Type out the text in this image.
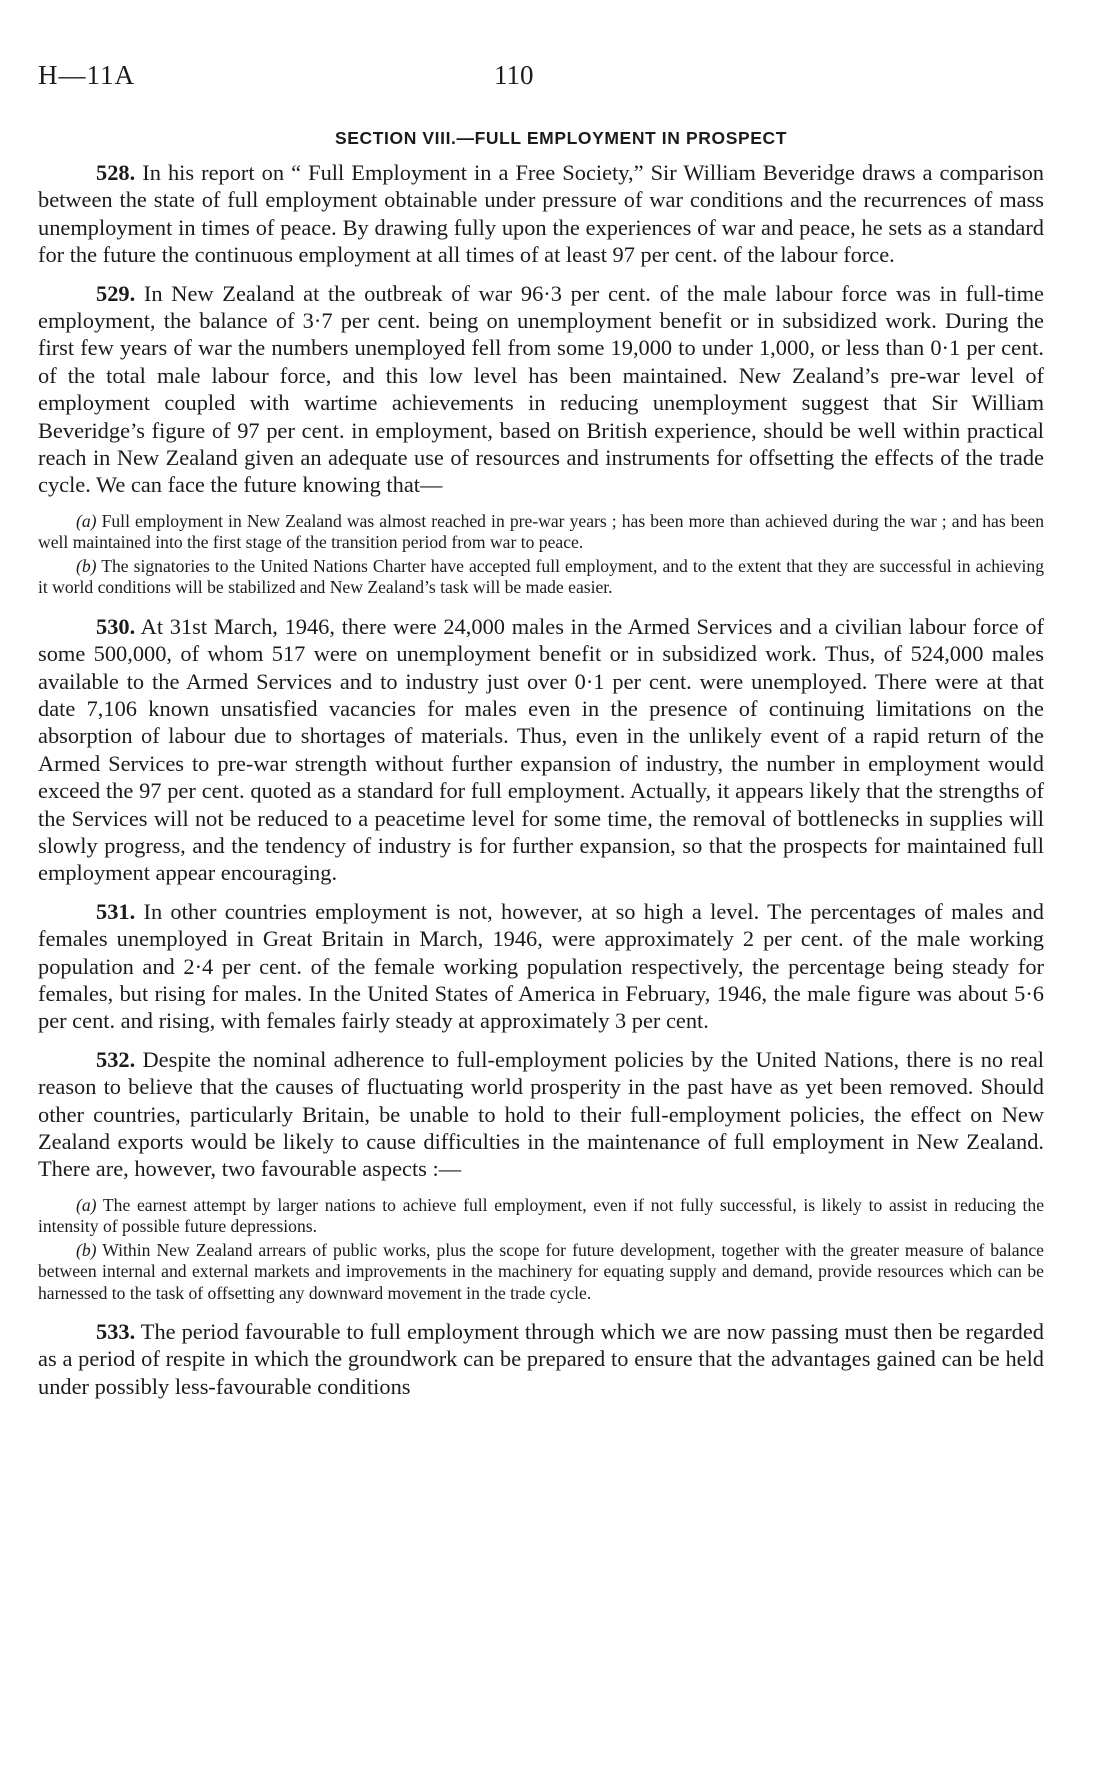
H—11A	110
SECTION VIII.—FULL EMPLOYMENT IN PROSPECT

528. In his report on “ Full Employment in a Free Society,” Sir William Beveridge draws a comparison between the state of full employment obtainable under pressure of war conditions and the recurrences of mass unemployment in times of peace. By drawing fully upon the experiences of war and peace, he sets as a standard for the future the continuous employment at all times of at least 97 per cent. of the labour force.

529. In New Zealand at the outbreak of war 96·3 per cent. of the male labour force was in full-time employment, the balance of 3·7 per cent. being on unemployment benefit or in subsidized work. During the first few years of war the numbers unemployed fell from some 19,000 to under 1,000, or less than 0·1 per cent. of the total male labour force, and this low level has been maintained. New Zealand’s pre-war level of employment coupled with wartime achievements in reducing unemployment suggest that Sir William Beveridge’s figure of 97 per cent. in employment, based on British experience, should be well within practical reach in New Zealand given an adequate use of resources and instruments for offsetting the effects of the trade cycle. We can face the future knowing that—

(a) Full employment in New Zealand was almost reached in pre-war years ; has been more than achieved during the war ; and has been well maintained into the first stage of the transition period from war to peace.

(b) The signatories to the United Nations Charter have accepted full employment, and to the extent that they are successful in achieving it world conditions will be stabilized and New Zealand’s task will be made easier.

530. At 31st March, 1946, there were 24,000 males in the Armed Services and a civilian labour force of some 500,000, of whom 517 were on unemployment benefit or in subsidized work. Thus, of 524,000 males available to the Armed Services and to industry just over 0·1 per cent. were unemployed. There were at that date 7,106 known unsatisfied vacancies for males even in the presence of continuing limitations on the absorption of labour due to shortages of materials. Thus, even in the unlikely event of a rapid return of the Armed Services to pre-war strength without further expansion of industry, the number in employment would exceed the 97 per cent. quoted as a standard for full employment. Actually, it appears likely that the strengths of the Services will not be reduced to a peacetime level for some time, the removal of bottlenecks in supplies will slowly progress, and the tendency of industry is for further expansion, so that the prospects for maintained full employment appear encouraging.

531. In other countries employment is not, however, at so high a level. The percentages of males and females unemployed in Great Britain in March, 1946, were approximately 2 per cent. of the male working population and 2·4 per cent. of the female working population respectively, the percentage being steady for females, but rising for males. In the United States of America in February, 1946, the male figure was about 5·6 per cent. and rising, with females fairly steady at approximately 3 per cent.

532. Despite the nominal adherence to full-employment policies by the United Nations, there is no real reason to believe that the causes of fluctuating world prosperity in the past have as yet been removed. Should other countries, particularly Britain, be unable to hold to their full-employment policies, the effect on New Zealand exports would be likely to cause difficulties in the maintenance of full employment in New Zealand. There are, however, two favourable aspects :—

(a) The earnest attempt by larger nations to achieve full employment, even if not fully successful, is likely to assist in reducing the intensity of possible future depressions.

(b) Within New Zealand arrears of public works, plus the scope for future development, together with the greater measure of balance between internal and external markets and improvements in the machinery for equating supply and demand, provide resources which can be harnessed to the task of offsetting any downward movement in the trade cycle.

533. The period favourable to full employment through which we are now passing must then be regarded as a period of respite in which the groundwork can be prepared to ensure that the advantages gained can be held under possibly less-favourable conditions
